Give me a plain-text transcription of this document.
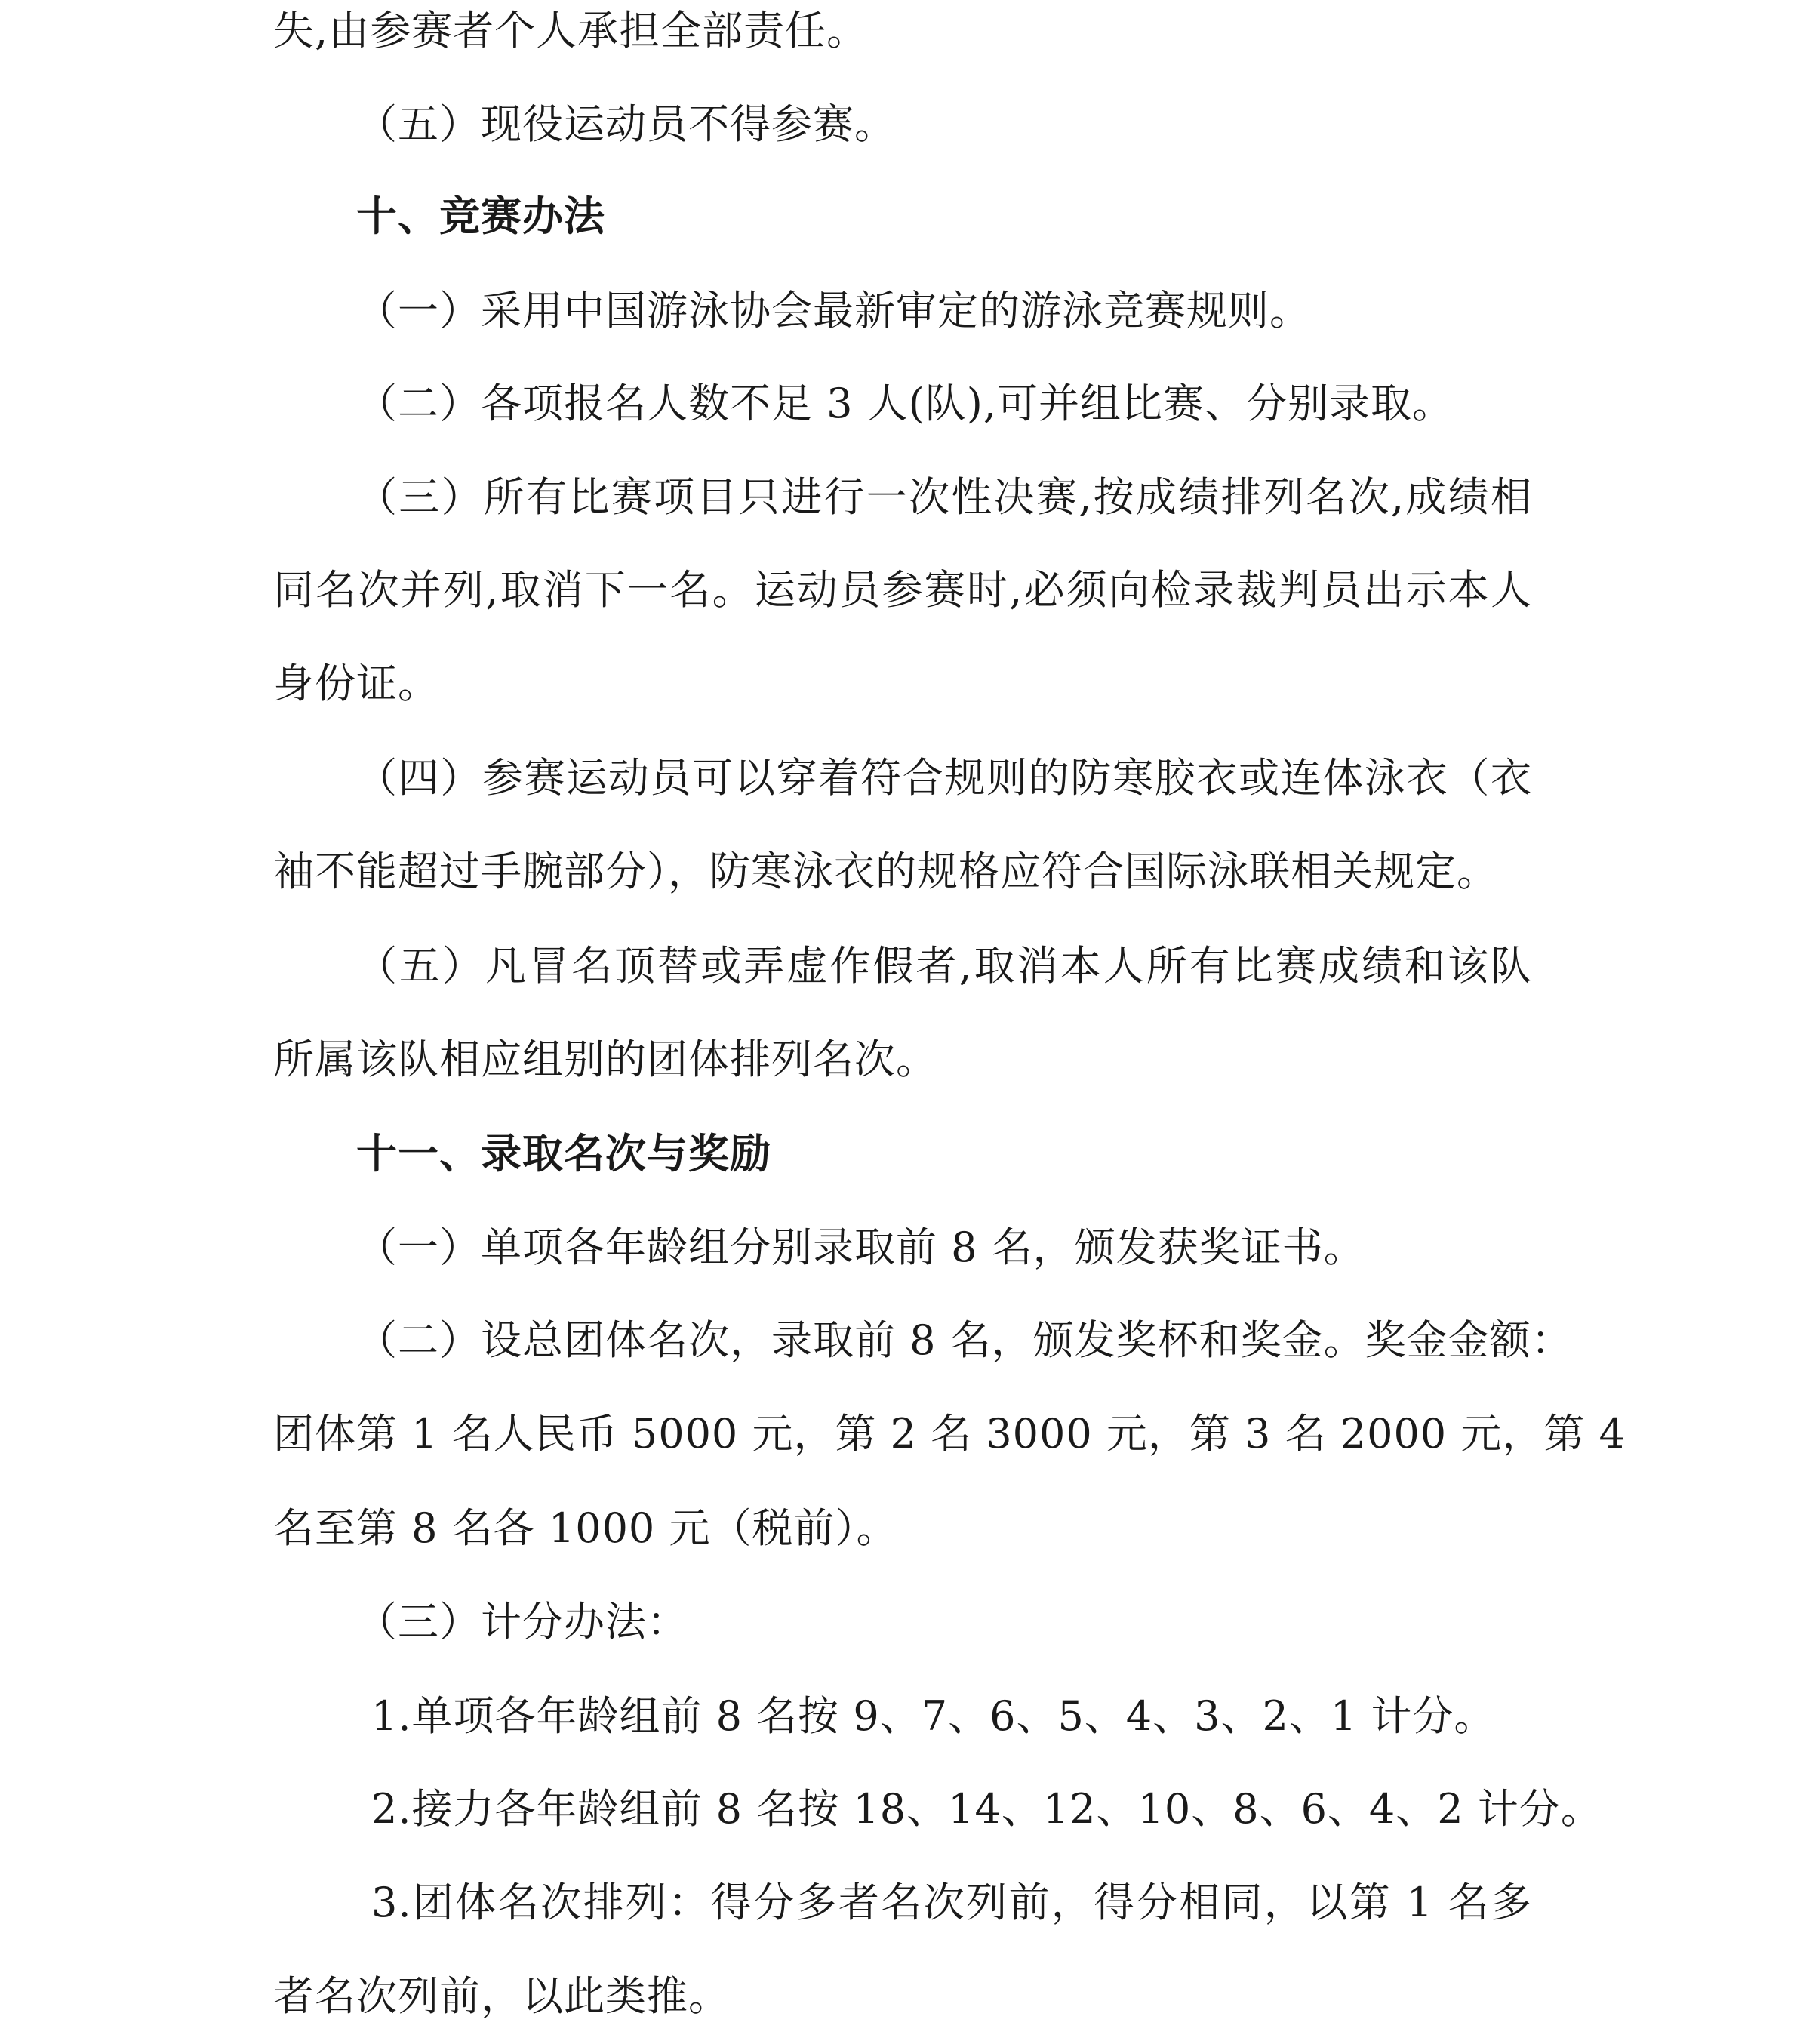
失,由参赛者个人承担全部责任。
（五）现役运动员不得参赛。
十、竞赛办法
（一）采用中国游泳协会最新审定的游泳竞赛规则。
（二）各项报名人数不足 3 人(队),可并组比赛、分别录取。
（三）所有比赛项目只进行一次性决赛,按成绩排列名次,成绩相
同名次并列,取消下一名。运动员参赛时,必须向检录裁判员出示本人
身份证。
（四）参赛运动员可以穿着符合规则的防寒胶衣或连体泳衣（衣
袖不能超过手腕部分），防寒泳衣的规格应符合国际泳联相关规定。
（五）凡冒名顶替或弄虚作假者,取消本人所有比赛成绩和该队
所属该队相应组别的团体排列名次。
十一、录取名次与奖励
（一）单项各年龄组分别录取前 8 名，颁发获奖证书。
（二）设总团体名次，录取前 8 名，颁发奖杯和奖金。奖金金额：
团体第 1 名人民币 5000 元，第 2 名 3000 元，第 3 名 2000 元，第 4
名至第 8 名各 1000 元（税前）。
（三）计分办法：
1.单项各年龄组前 8 名按 9、7、6、5、4、3、2、1 计分。
2.接力各年龄组前 8 名按 18、14、12、10、8、6、4、2 计分。
3.团体名次排列：得分多者名次列前，得分相同，以第 1 名多
者名次列前，以此类推。
